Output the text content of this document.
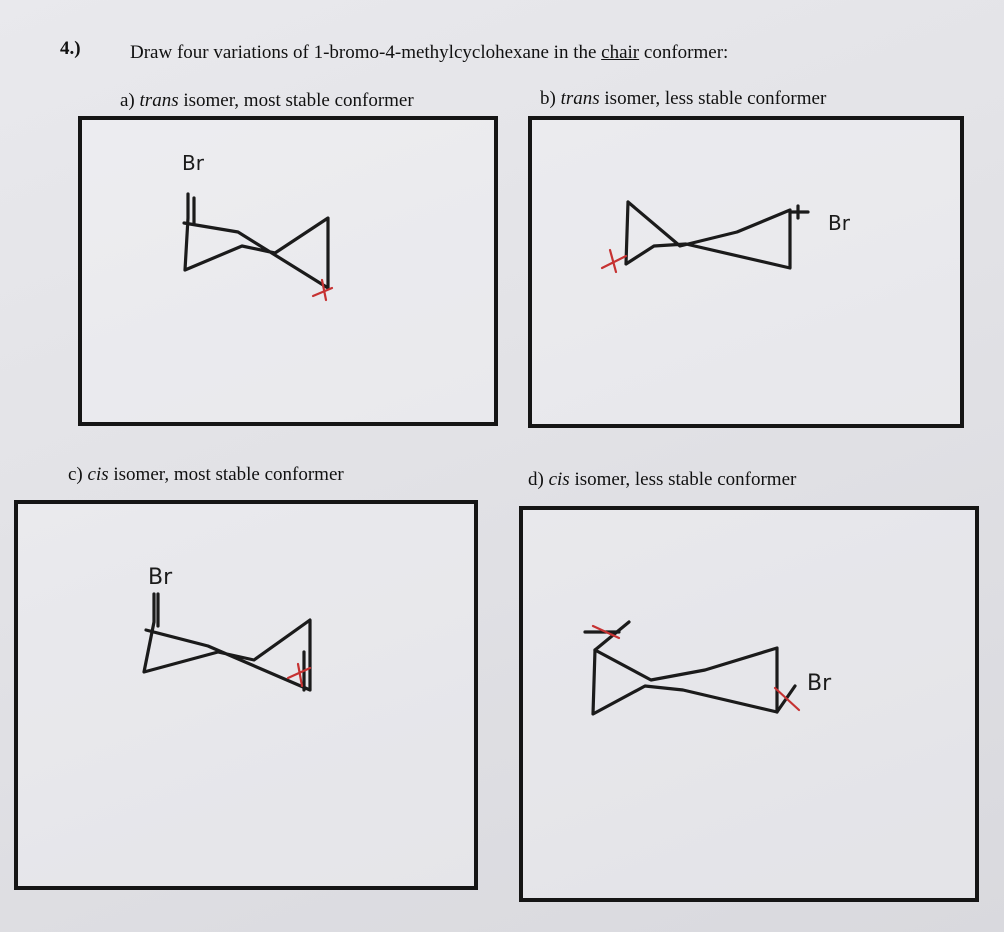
4.)	Draw four variations of 1-bromo-4-methylcyclohexane in the chair conformer:
a) trans isomer, most stable conformer
Br
b) trans isomer, less stable conformer
Br
c) cis isomer, most stable conformer
Br
d) cis isomer, less stable conformer
Br
